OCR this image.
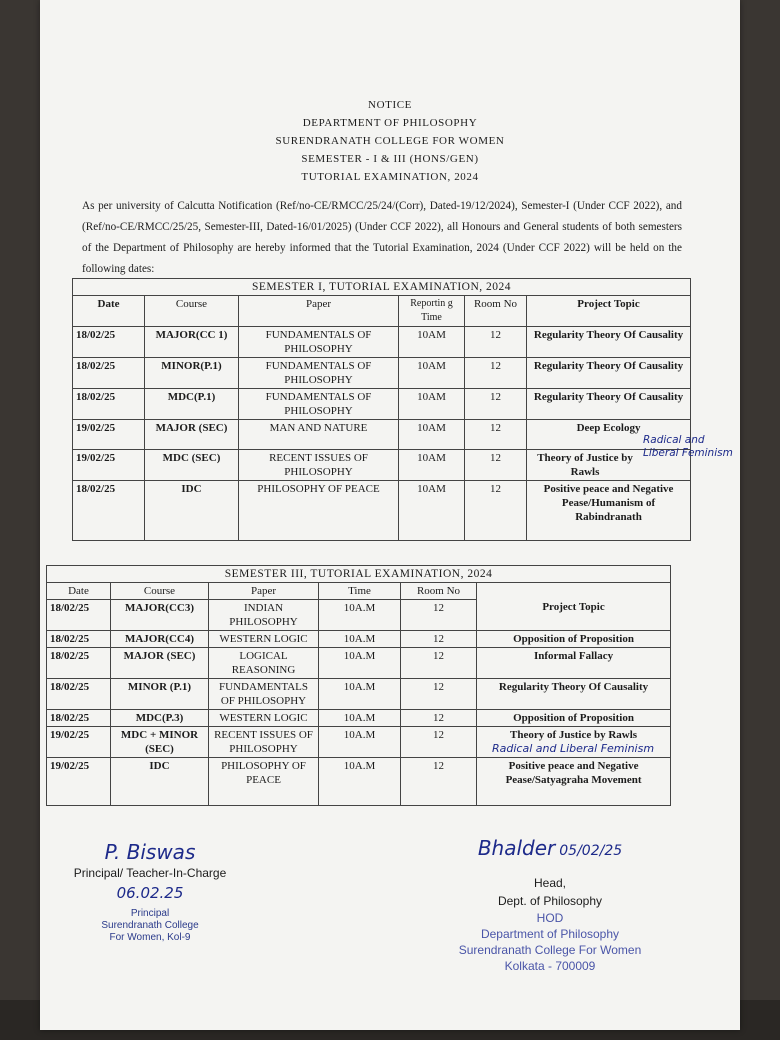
NOTICE
DEPARTMENT OF PHILOSOPHY
SURENDRANATH COLLEGE FOR WOMEN
SEMESTER - I & III (HONS/GEN)
TUTORIAL EXAMINATION, 2024
As per university of Calcutta Notification (Ref/no-CE/RMCC/25/24/(Corr), Dated-19/12/2024), Semester-I (Under CCF 2022), and (Ref/no-CE/RMCC/25/25, Semester-III, Dated-16/01/2025) (Under CCF 2022), all Honours and General students of both semesters of the Department of Philosophy are hereby informed that the Tutorial Examination, 2024 (Under CCF 2022) will be held on the following dates:
SEMESTER I, TUTORIAL EXAMINATION, 2024					
Date	Course	Paper	Reportin g Time	Room No	Project Topic
18/02/25	MAJOR(CC 1)	FUNDAMENTALS OF PHILOSOPHY	10AM	12	Regularity Theory Of Causality
18/02/25	MINOR(P.1)	FUNDAMENTALS OF PHILOSOPHY	10AM	12	Regularity Theory Of Causality
18/02/25	MDC(P.1)	FUNDAMENTALS OF PHILOSOPHY	10AM	12	Regularity Theory Of Causality
19/02/25	MAJOR (SEC)	MAN AND NATURE	10AM	12	Deep Ecology
19/02/25	MDC (SEC)	RECENT ISSUES OF PHILOSOPHY	10AM	12	Theory of Justice by Rawls
18/02/25	IDC	PHILOSOPHY OF PEACE	10AM	12	Positive peace and Negative Pease/Humanism of Rabindranath
Radical and Liberal Feminism
SEMESTER III, TUTORIAL EXAMINATION, 2024					
Date	Course	Paper	Time	Room No	Project Topic
18/02/25	MAJOR(CC3)	INDIAN PHILOSOPHY	10A.M	12	
18/02/25	MAJOR(CC4)	WESTERN LOGIC	10A.M	12	Opposition of Proposition
18/02/25	MAJOR (SEC)	LOGICAL REASONING	10A.M	12	Informal Fallacy
18/02/25	MINOR (P.1)	FUNDAMENTALS OF PHILOSOPHY	10A.M	12	Regularity Theory Of Causality
18/02/25	MDC(P.3)	WESTERN LOGIC	10A.M	12	Opposition of Proposition
19/02/25	MDC + MINOR (SEC)	RECENT ISSUES OF PHILOSOPHY	10A.M	12	Theory of Justice by Rawls
19/02/25	IDC	PHILOSOPHY OF PEACE	10A.M	12	Positive peace and Negative Pease/Satyagraha Movement
Radical and Liberal Feminism
P. Biswas
Principal/ Teacher-In-Charge
06.02.25
Principal
Surendranath College
For Women, Kol-9
Bhalder 05/02/25
Head,
Dept. of Philosophy
HOD
Department of Philosophy
Surendranath College For Women
Kolkata - 700009
